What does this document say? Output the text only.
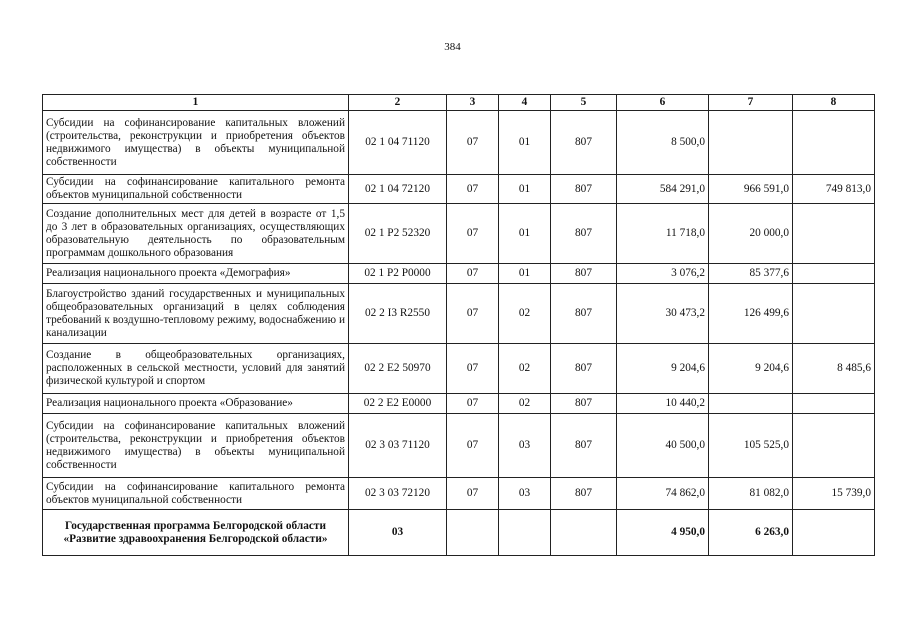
384
1	2	3	4	5	6	7	8
Субсидии на софинансирование капитальных вложений (строительства, реконструкции и приобретения объектов недвижимого имущества) в объекты муниципальной собственности	02 1 04 71120	07	01	807	8 500,0		
Субсидии на софинансирование капитального ремонта объектов муниципальной собственности	02 1 04 72120	07	01	807	584 291,0	966 591,0	749 813,0
Создание дополнительных мест для детей в возрасте от 1,5 до 3 лет в образовательных организациях, осуществляющих образовательную деятельность по образовательным программам дошкольного образования	02 1 P2 52320	07	01	807	11 718,0	20 000,0	
Реализация национального проекта «Демография»	02 1 P2 P0000	07	01	807	3 076,2	85 377,6	
Благоустройство зданий государственных и муниципальных общеобразовательных организаций в целях соблюдения требований к воздушно-тепловому режиму, водоснабжению и канализации	02 2 I3 R2550	07	02	807	30 473,2	126 499,6	
Создание в общеобразовательных организациях, расположенных в сельской местности, условий для занятий физической культурой и спортом	02 2 E2 50970	07	02	807	9 204,6	9 204,6	8 485,6
Реализация национального проекта «Образование»	02 2 E2 E0000	07	02	807	10 440,2		
Субсидии на софинансирование капитальных вложений (строительства, реконструкции и приобретения объектов недвижимого имущества) в объекты муниципальной собственности	02 3 03 71120	07	03	807	40 500,0	105 525,0	
Субсидии на софинансирование капитального ремонта объектов муниципальной собственности	02 3 03 72120	07	03	807	74 862,0	81 082,0	15 739,0
Государственная программа Белгородской области «Развитие здравоохранения Белгородской области»	03				4 950,0	6 263,0	
